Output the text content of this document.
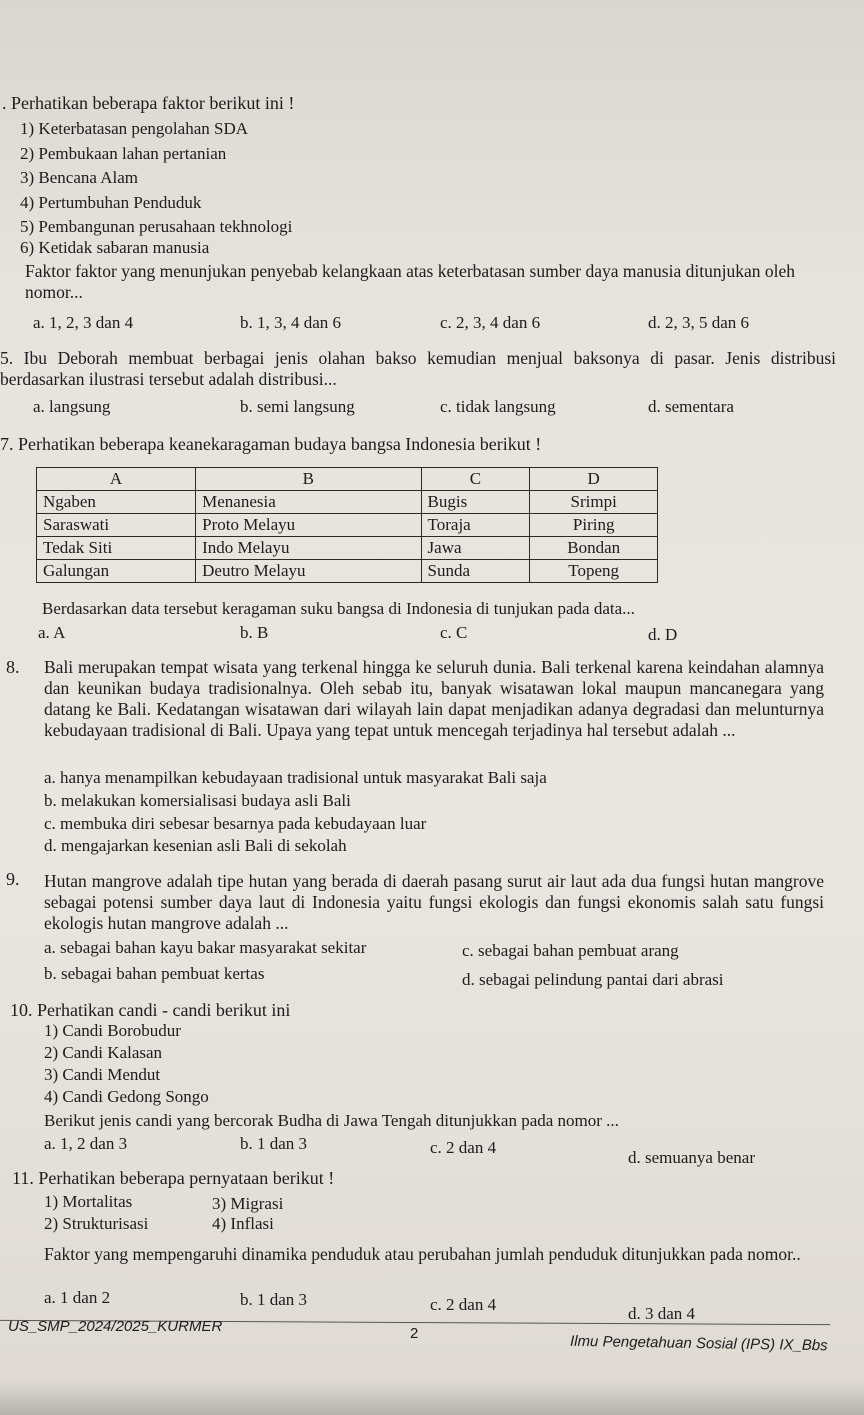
. Perhatikan beberapa faktor berikut ini !
1) Keterbatasan pengolahan SDA
2) Pembukaan lahan pertanian
3) Bencana Alam
4) Pertumbuhan Penduduk
5) Pembangunan perusahaan tekhnologi
6) Ketidak sabaran manusia
Faktor faktor yang menunjukan penyebab kelangkaan atas keterbatasan sumber daya manusia ditunjukan oleh nomor...
a. 1, 2, 3 dan 4	b. 1, 3, 4 dan 6	c. 2, 3, 4 dan 6	d. 2, 3, 5 dan 6
5. Ibu Deborah membuat berbagai jenis olahan bakso kemudian menjual baksonya di pasar. Jenis distribusi berdasarkan ilustrasi tersebut adalah distribusi...
a. langsung	b. semi langsung	c. tidak langsung	d. sementara
7. Perhatikan beberapa keanekaragaman budaya bangsa Indonesia berikut !
A	B	C	D
Ngaben	Menanesia	Bugis	Srimpi
Saraswati	Proto Melayu	Toraja	Piring
Tedak Siti	Indo Melayu	Jawa	Bondan
Galungan	Deutro Melayu	Sunda	Topeng
Berdasarkan data tersebut keragaman suku bangsa di Indonesia di tunjukan pada data...
a. A	b. B	c. C	d. D
8. Bali merupakan tempat wisata yang terkenal hingga ke seluruh dunia. Bali terkenal karena keindahan alamnya dan keunikan budaya tradisionalnya. Oleh sebab itu, banyak wisatawan lokal maupun mancanegara yang datang ke Bali. Kedatangan wisatawan dari wilayah lain dapat menjadikan adanya degradasi dan melunturnya kebudayaan tradisional di Bali. Upaya yang tepat untuk mencegah terjadinya hal tersebut adalah ...
a. hanya menampilkan kebudayaan tradisional untuk masyarakat Bali saja
b. melakukan komersialisasi budaya asli Bali
c. membuka diri sebesar besarnya pada kebudayaan luar
d. mengajarkan kesenian asli Bali di sekolah
9. Hutan mangrove adalah tipe hutan yang berada di daerah pasang surut air laut ada dua fungsi hutan mangrove sebagai potensi sumber daya laut di Indonesia yaitu fungsi ekologis dan fungsi ekonomis salah satu fungsi ekologis hutan mangrove adalah ...
a. sebagai bahan kayu bakar masyarakat sekitar
b. sebagai bahan pembuat kertas
c. sebagai bahan pembuat arang
d. sebagai pelindung pantai dari abrasi
10. Perhatikan candi - candi berikut ini
1) Candi Borobudur
2) Candi Kalasan
3) Candi Mendut
4) Candi Gedong Songo
Berikut jenis candi yang bercorak Budha di Jawa Tengah ditunjukkan pada nomor ...
a. 1, 2 dan 3	b. 1 dan 3	c. 2 dan 4
d. semuanya benar
11. Perhatikan beberapa pernyataan berikut !
1) Mortalitas	3) Migrasi
2) Strukturisasi	4) Inflasi
Faktor yang mempengaruhi dinamika penduduk atau perubahan jumlah penduduk ditunjukkan pada nomor..
a. 1 dan 2	b. 1 dan 3	c. 2 dan 4	d. 3 dan 4
US_SMP_2024/2025_KURMER	2	Ilmu Pengetahuan Sosial (IPS) IX_Bbs
